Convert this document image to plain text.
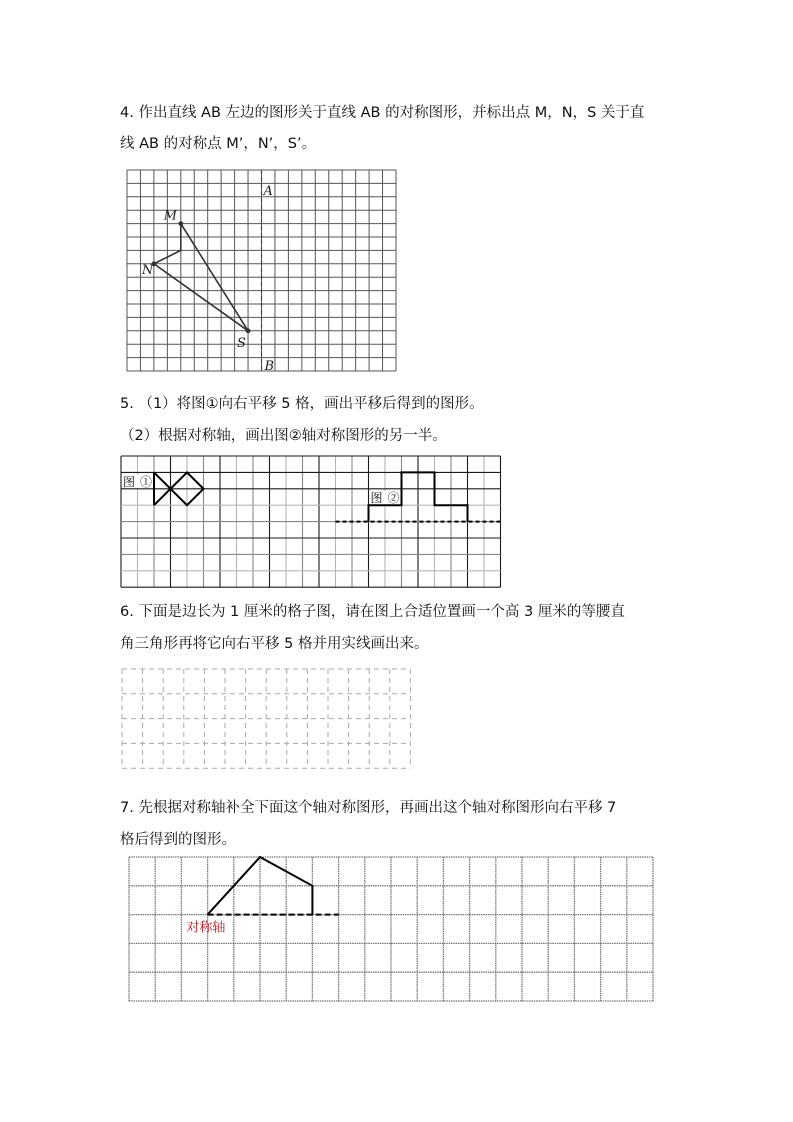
4. 作出直线 AB 左边的图形关于直线 AB 的对称图形，并标出点 M，N，S 关于直
线 AB 的对称点 M’，N’，S’。
A
B
M
N
S
5. （1）将图①向右平移 5 格，画出平移后得到的图形。
（2）根据对称轴，画出图②轴对称图形的另一半。
图①
图②
6. 下面是边长为 1 厘米的格子图，请在图上合适位置画一个高 3 厘米的等腰直
角三角形再将它向右平移 5 格并用实线画出来。
7. 先根据对称轴补全下面这个轴对称图形，再画出这个轴对称图形向右平移 7
格后得到的图形。
对称轴
